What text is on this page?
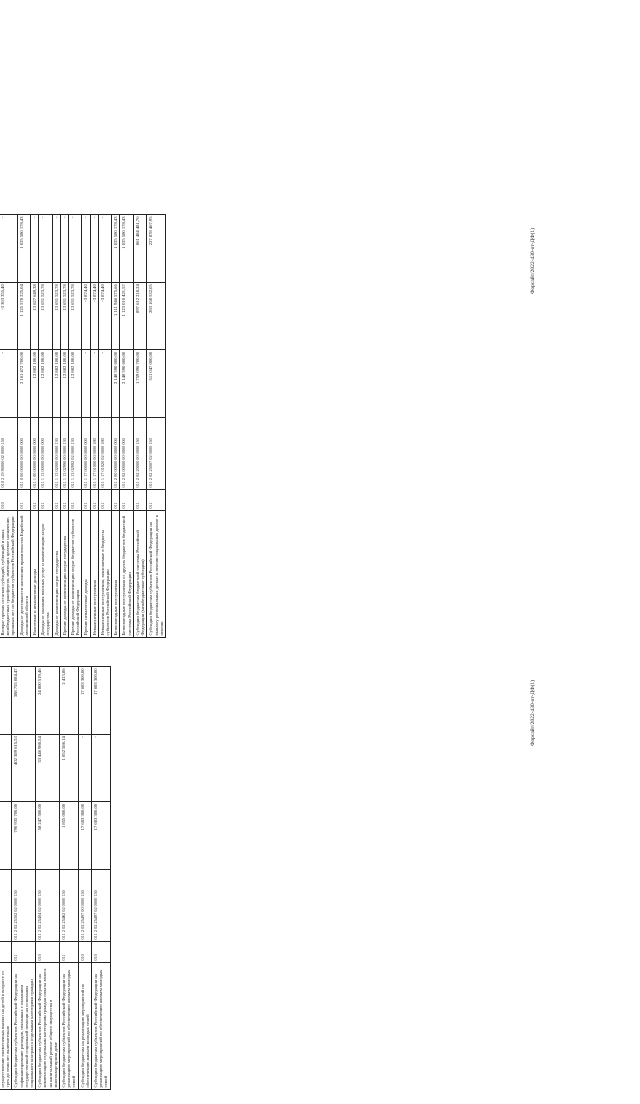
Возврат прочих остатков субсидий, субвенций и иных межбюджетных трансфертов, имеющих целевое назначение, прошлых лет из бюджетов субъектов Российской Федерации	010	010 2 19 90000 02 0000 150	-	-3 363 355,40	-
Доходы от деятельности населения правительства Еврейской автономной области	011	011 0 00 00000 00 0000 000	2 161 472 700,00	1 125 578 225,04	1 025 580 178,43
Налоговые и неналоговые доходы	011	011 1 00 00000 00 0000 000	12 882 100,00	13 627 649,38	-
Доходы от оказания платных услуг и компенсации затрат государства	011	011 1 13 00000 00 0000 000	12 882 100,00	13 631 523,78	-
Доходы от компенсации затрат государства	011	011 1 13 02000 00 0000 130	12 882 100,00	13 631 523,78	-
Прочие доходы от компенсации затрат государства	011	011 1 13 02990 00 0000 130	12 882 100,00	13 631 523,78	-
Прочие доходы от компенсации затрат бюджетов субъектов Российской Федерации	011	011 1 13 02992 02 0000 130	12 882 100,00	13 631 523,78	-
Прочие неналоговые доходы	011	011 1 17 00000 00 0000 000	-	-3 874,40	-
Невыясненные поступления	011	011 1 17 01000 00 0000 180	-	-3 874,40	-
Невыясненные поступления, зачисляемые в бюджеты субъектов Российской Федерации	011	011 1 17 01020 02 0000 180	-	-3 874,40	-
Безвозмездные поступления	011	011 2 00 00000 00 0000 000	2 148 590 600,00	1 111 946 575,66	1 025 580 178,43
Безвозмездные поступления от других бюджетов бюджетной системы Российской Федерации	011	011 2 02 00000 00 0000 000	2 148 590 600,00	1 123 010 421,57	1 025 580 178,43
Субсидии бюджетам бюджетной системы Российской Федерации (межбюджетные субсидии)	011	011 2 02 20000 00 0000 150	1 759 096 700,00	897 612 218,24	861 484 481,76
Субсидии бюджетам субъектов Российской Федерации на выплату региональных доплат к пенсии социальных доплат к пенсии	011	011 2 02 25007 02 0000 150	511 047 000,00	283 168 532,05	227 878 467,95	Форсайт/2022-430-от-ДФ(1)

осуществление ежемесячных выплат на детей в возрасте от трех до семи лет включительно					
Субсидии бюджетам субъектов Российской Федерации на софинансирование расходов, связанных с оказанием государственной социальной помощи на основании социального контракта отдельным категориям граждан	011	011 2 02 25302 02 0000 150	790 935 700,00	402 389 615,53	388 755 084,47
Субсидии бюджетам субъектов Российской Федерации на компенсацию отдельным категориям граждан оплаты взноса на капитальный ремонт общего имущества в многоквартирном доме	010	011 2 02 25404 02 0000 150	58 247 500,00	33 446 980,54	24 800 519,46
Субсидии бюджетам субъектов Российской Федерации на реализацию мероприятий по обеспечению жильем молодых семей	011	011 2 02 25462 02 0000 150	1 855 000,00	1 852 586,14	2 413,86
Субсидии бюджетам на реализацию мероприятий по обеспечению жильем молодых семей	010	011 2 02 25497 00 0000 150	17 683 300,00	-	17 683 300,00
Субсидии бюджетам субъектов Российской Федерации на реализацию мероприятий по обеспечению жильем молодых семей	010	011 2 02 25497 02 0000 150	17 683 300,00	-	17 683 300,00	Форсайт/2022-430-от-ДФ(1)
